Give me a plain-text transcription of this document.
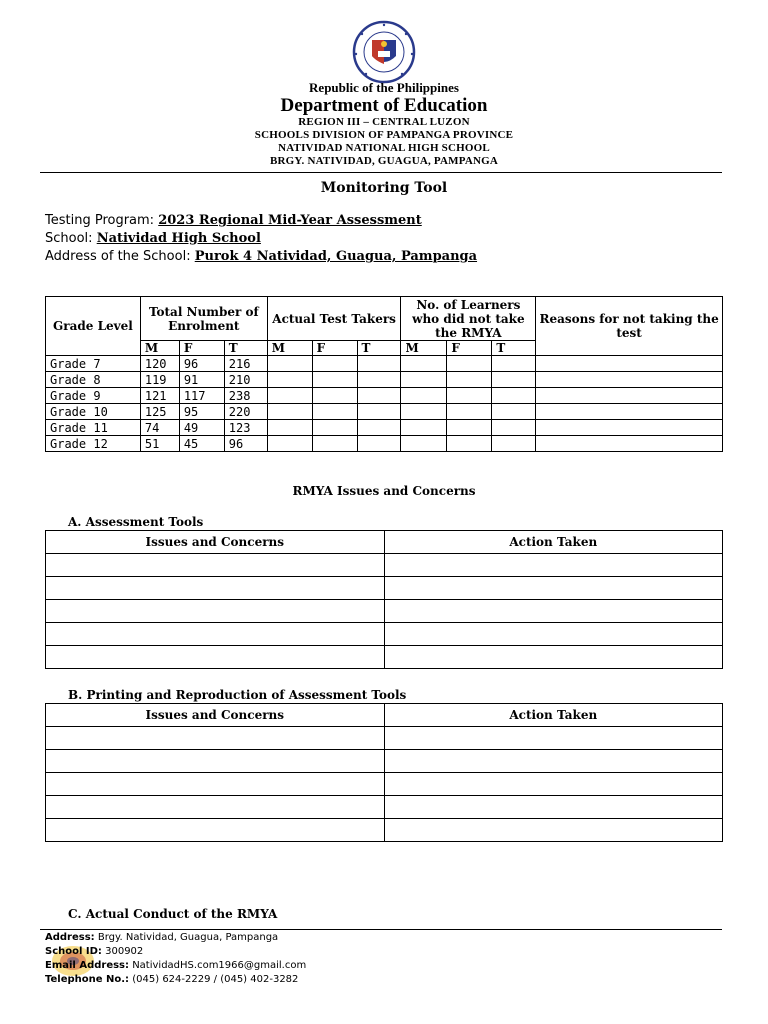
Republic of the Philippines
Department of Education
REGION III – CENTRAL LUZON
SCHOOLS DIVISION OF PAMPANGA PROVINCE
NATIVIDAD NATIONAL HIGH SCHOOL
BRGY. NATIVIDAD, GUAGUA, PAMPANGA
Monitoring Tool
Testing Program: 2023 Regional Mid-Year Assessment
School: Natividad High School
Address of the School: Purok 4 Natividad, Guagua, Pampanga
Grade Level	Total Number of Enrolment			Actual Test Takers			No. of Learners who did not take the RMYA			Reasons for not taking the test
	M	F	T	M	F	T	M	F	T	
Grade 7	120	96	216							
Grade 8	119	91	210							
Grade 9	121	117	238							
Grade 10	125	95	220							
Grade 11	74	49	123							
Grade 12	51	45	96							
RMYA Issues and Concerns
A. Assessment Tools
Issues and Concerns	Action Taken

B. Printing and Reproduction of Assessment Tools
Issues and Concerns	Action Taken

C. Actual Conduct of the RMYA
Address: Brgy. Natividad, Guagua, Pampanga
School ID: 300902
Email Address: NatividadHS.com1966@gmail.com
Telephone No.: (045) 624-2229 / (045) 402-3282
